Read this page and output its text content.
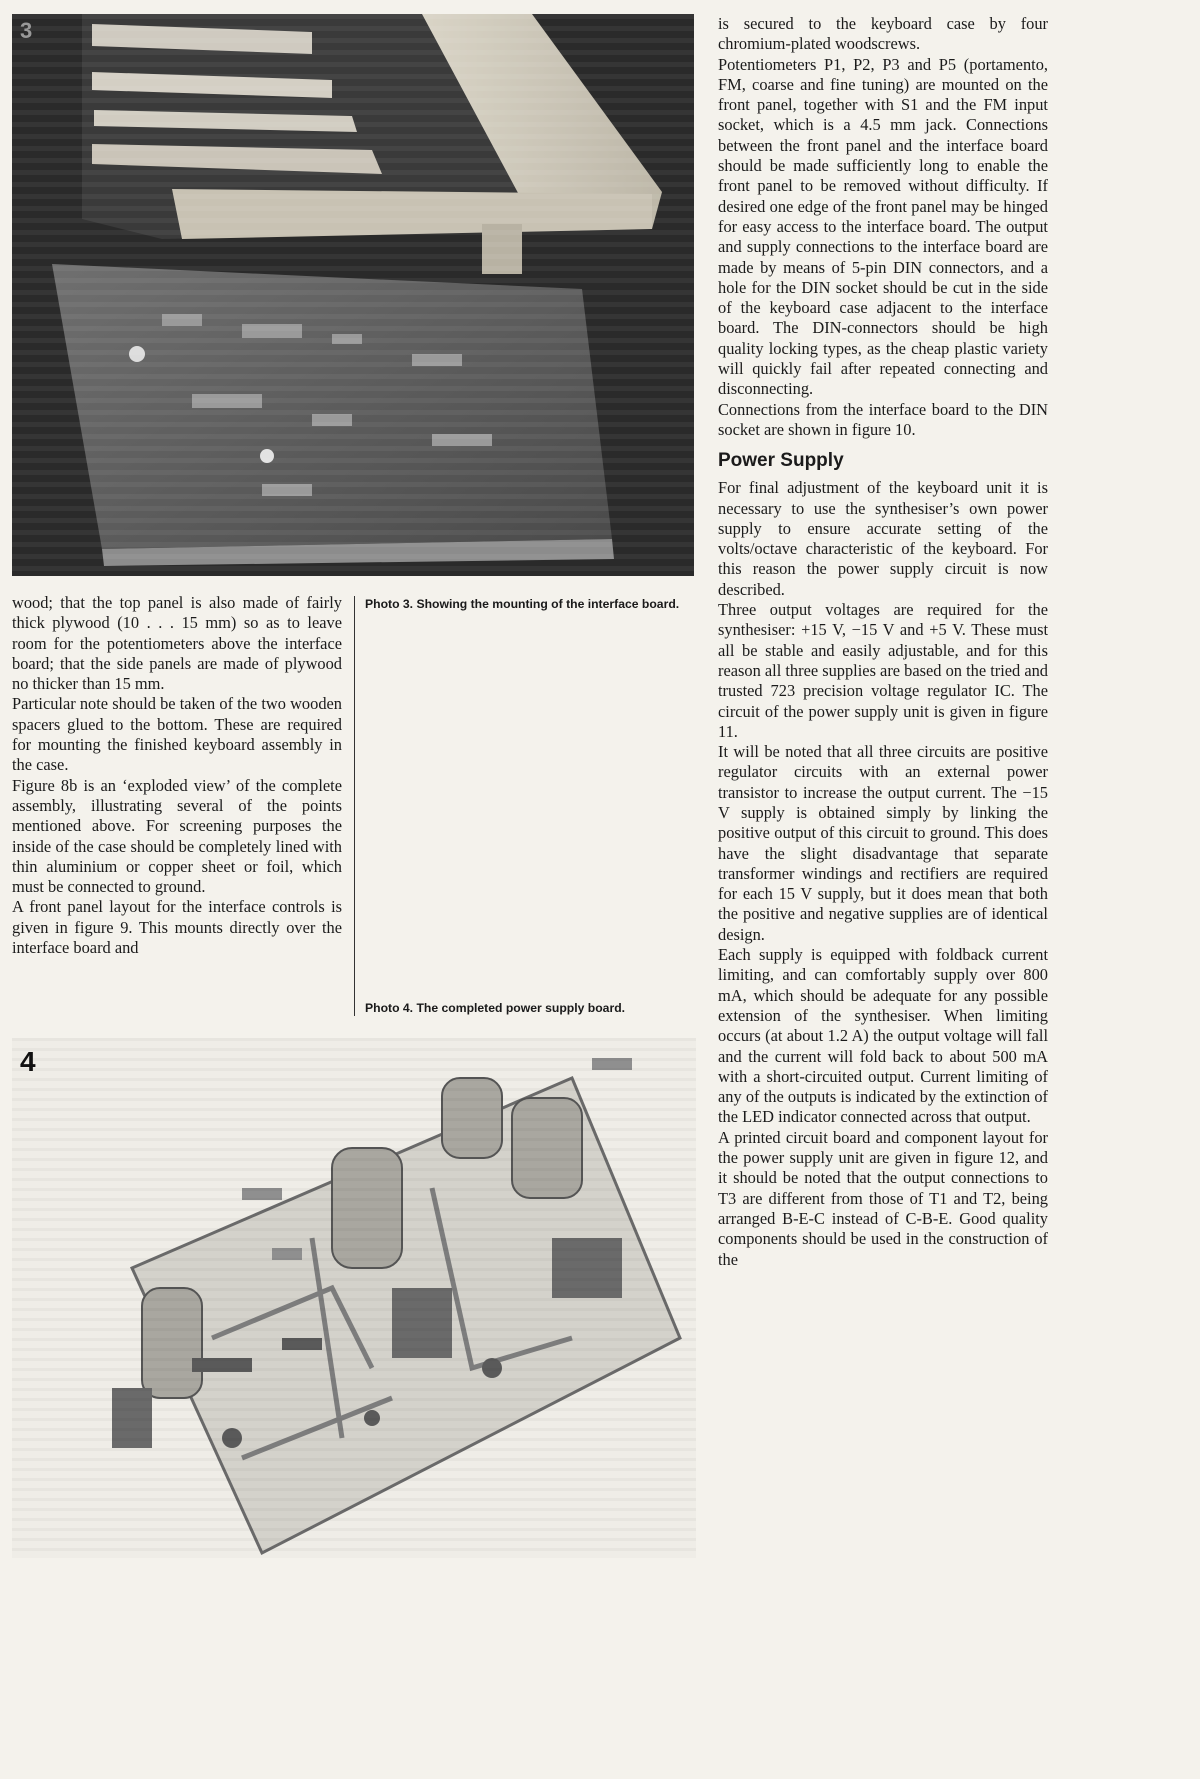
3

wood; that the top panel is also made of fairly thick plywood (10 . . . 15 mm) so as to leave room for the potentiometers above the interface board; that the side panels are made of plywood no thicker than 15 mm.

Particular note should be taken of the two wooden spacers glued to the bottom. These are required for mounting the finished keyboard assembly in the case.

Figure 8b is an ‘exploded view’ of the complete assembly, illustrating several of the points mentioned above. For screening purposes the inside of the case should be completely lined with thin aluminium or copper sheet or foil, which must be connected to ground.

A front panel layout for the interface controls is given in figure 9. This mounts directly over the interface board and

Photo 3. Showing the mounting of the interface board.
Photo 4. The completed power supply board.
4

is secured to the keyboard case by four chromium-plated woodscrews.

Potentiometers P1, P2, P3 and P5 (portamento, FM, coarse and fine tuning) are mounted on the front panel, together with S1 and the FM input socket, which is a 4.5 mm jack. Connections between the front panel and the interface board should be made sufficiently long to enable the front panel to be removed without difficulty. If desired one edge of the front panel may be hinged for easy access to the interface board. The output and supply connections to the interface board are made by means of 5-pin DIN connectors, and a hole for the DIN socket should be cut in the side of the keyboard case adjacent to the interface board. The DIN-connectors should be high quality locking types, as the cheap plastic variety will quickly fail after repeated connecting and disconnecting.

Connections from the interface board to the DIN socket are shown in figure 10.

Power Supply

For final adjustment of the keyboard unit it is necessary to use the synthesiser’s own power supply to ensure accurate setting of the volts/octave characteristic of the keyboard. For this reason the power supply circuit is now described.

Three output voltages are required for the synthesiser: +15 V, −15 V and +5 V. These must all be stable and easily adjustable, and for this reason all three supplies are based on the tried and trusted 723 precision voltage regulator IC. The circuit of the power supply unit is given in figure 11.

It will be noted that all three circuits are positive regulator circuits with an external power transistor to increase the output current. The −15 V supply is obtained simply by linking the positive output of this circuit to ground. This does have the slight disadvantage that separate transformer windings and rectifiers are required for each 15 V supply, but it does mean that both the positive and negative supplies are of identical design.

Each supply is equipped with foldback current limiting, and can comfortably supply over 800 mA, which should be adequate for any possible extension of the synthesiser. When limiting occurs (at about 1.2 A) the output voltage will fall and the current will fold back to about 500 mA with a short-circuited output. Current limiting of any of the outputs is indicated by the extinction of the LED indicator connected across that output.

A printed circuit board and component layout for the power supply unit are given in figure 12, and it should be noted that the output connections to T3 are different from those of T1 and T2, being arranged B-E-C instead of C-B-E. Good quality components should be used in the construction of the
